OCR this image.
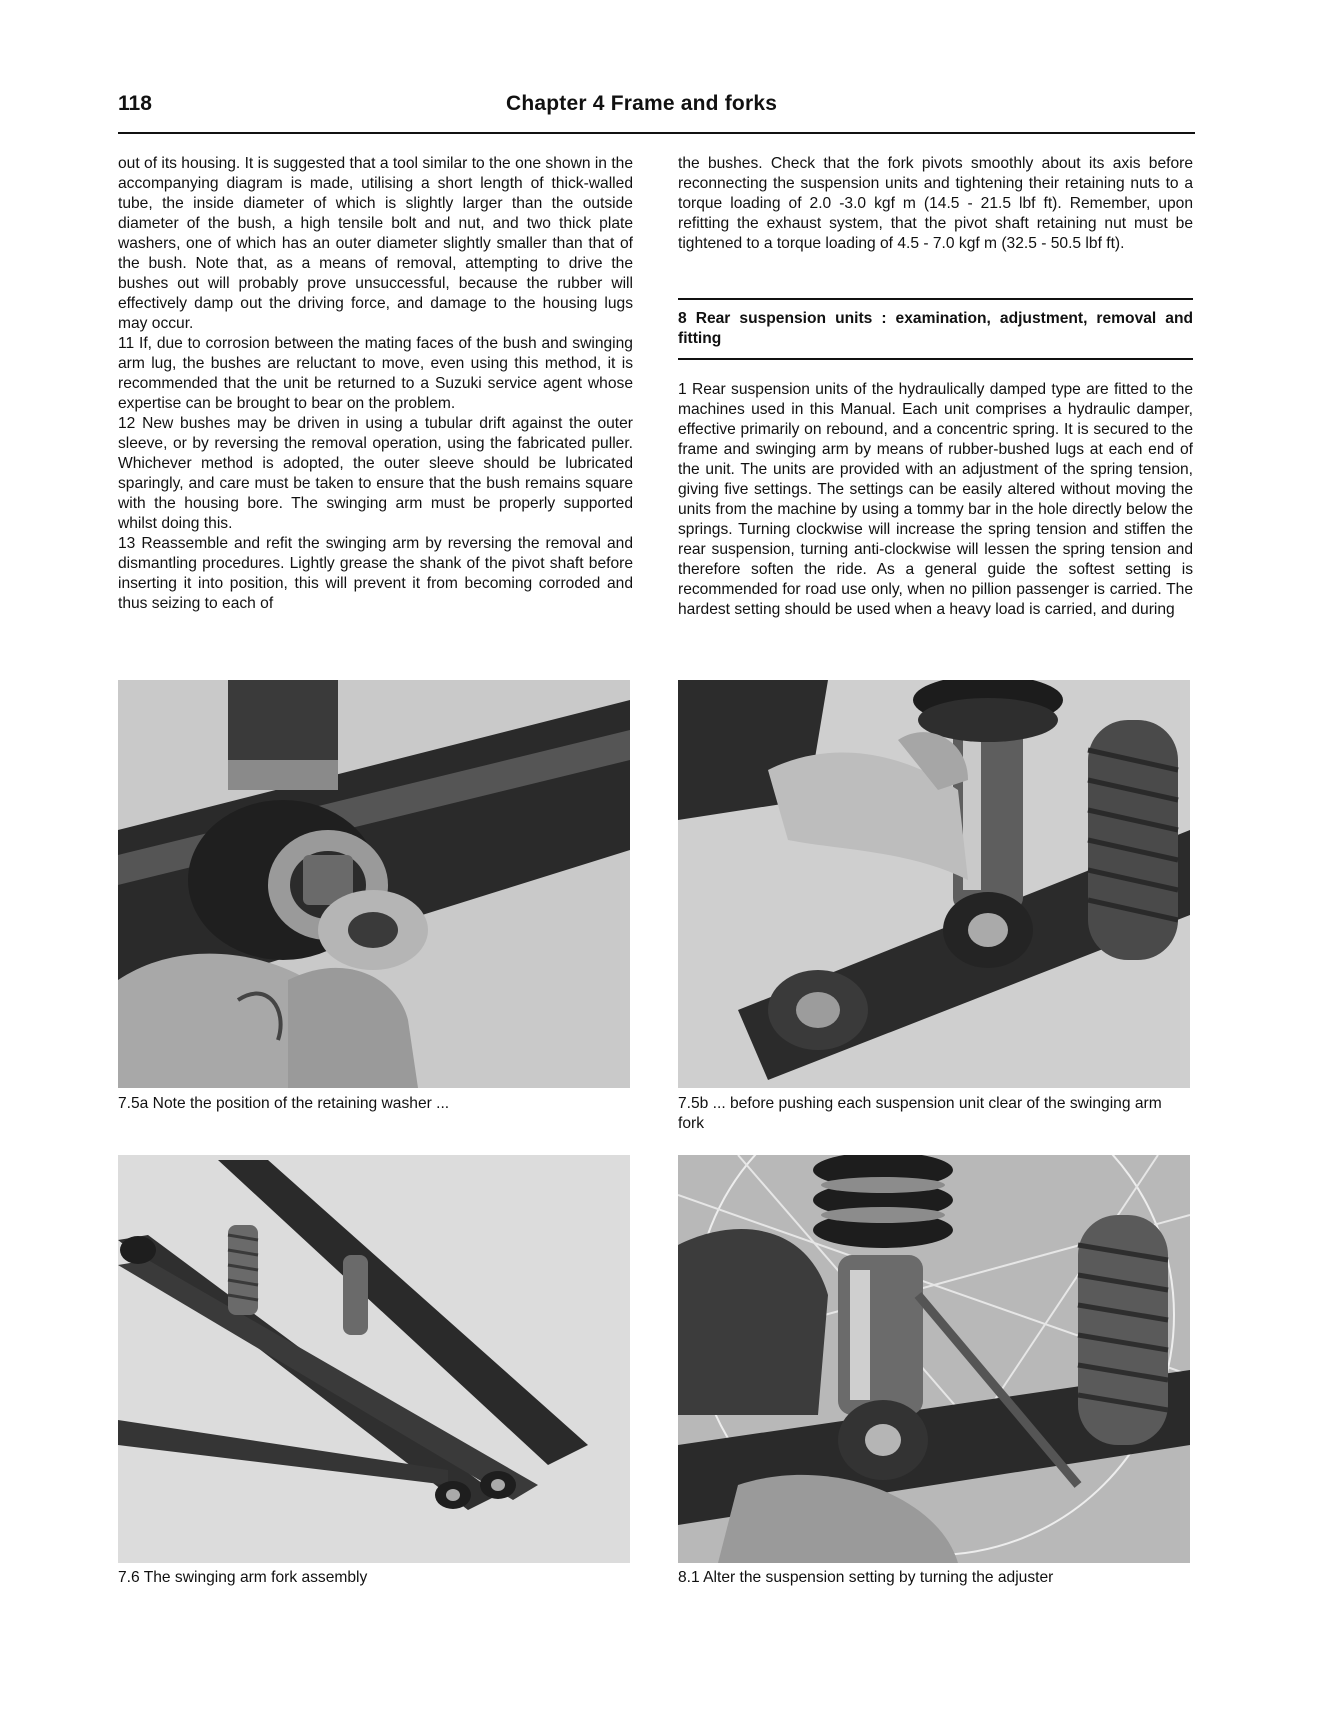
118	Chapter 4 Frame and forks

out of its housing. It is suggested that a tool similar to the one shown in the accompanying diagram is made, utilising a short length of thick-walled tube, the inside diameter of which is slightly larger than the outside diameter of the bush, a high tensile bolt and nut, and two thick plate washers, one of which has an outer diameter slightly smaller than that of the bush. Note that, as a means of removal, attempting to drive the bushes out will probably prove unsuccessful, because the rubber will effectively damp out the driving force, and damage to the housing lugs may occur.

11 If, due to corrosion between the mating faces of the bush and swinging arm lug, the bushes are reluctant to move, even using this method, it is recommended that the unit be returned to a Suzuki service agent whose expertise can be brought to bear on the problem.

12 New bushes may be driven in using a tubular drift against the outer sleeve, or by reversing the removal operation, using the fabricated puller. Whichever method is adopted, the outer sleeve should be lubricated sparingly, and care must be taken to ensure that the bush remains square with the housing bore. The swinging arm must be properly supported whilst doing this.

13 Reassemble and refit the swinging arm by reversing the removal and dismantling procedures. Lightly grease the shank of the pivot shaft before inserting it into position, this will prevent it from becoming corroded and thus seizing to each of

the bushes. Check that the fork pivots smoothly about its axis before reconnecting the suspension units and tightening their retaining nuts to a torque loading of 2.0 -3.0 kgf m (14.5 - 21.5 lbf ft). Remember, upon refitting the exhaust system, that the pivot shaft retaining nut must be tightened to a torque loading of 4.5 - 7.0 kgf m (32.5 - 50.5 lbf ft).

8 Rear suspension units : examination, adjustment, removal and fitting

1 Rear suspension units of the hydraulically damped type are fitted to the machines used in this Manual. Each unit comprises a hydraulic damper, effective primarily on rebound, and a concentric spring. It is secured to the frame and swinging arm by means of rubber-bushed lugs at each end of the unit. The units are provided with an adjustment of the spring tension, giving five settings. The settings can be easily altered without moving the units from the machine by using a tommy bar in the hole directly below the springs. Turning clockwise will increase the spring tension and stiffen the rear suspension, turning anti-clockwise will lessen the spring tension and therefore soften the ride. As a general guide the softest setting is recommended for road use only, when no pillion passenger is carried. The hardest setting should be used when a heavy load is carried, and during

7.5a Note the position of the retaining washer ...	7.5b ... before pushing each suspension unit clear of the swinging arm fork

7.6 The swinging arm fork assembly	8.1 Alter the suspension setting by turning the adjuster
